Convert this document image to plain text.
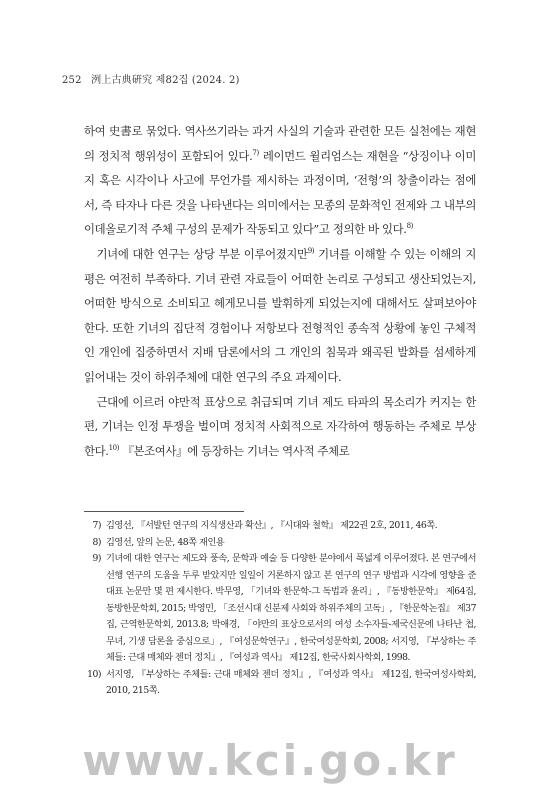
252 洌上古典硏究 제82집 (2024. 2)

하여 史書로 묶었다. 역사쓰기라는 과거 사실의 기술과 관련한 모든 실천에는 재현의 정치적 행위성이 포함되어 있다.$^{7)}$ 레이먼드 윌리엄스는 재현을 “상징이나 이미지 혹은 시각이나 사고에 무언가를 제시하는 과정이며, ‘전형’의 창출이라는 점에서, 즉 타자나 다른 것을 나타낸다는 의미에서는 모종의 문화적인 전제와 그 내부의 이데올로기적 주체 구성의 문제가 작동되고 있다”고 정의한 바 있다.$^{8)}$

기녀에 대한 연구는 상당 부분 이루어졌지만$^{9)}$ 기녀를 이해할 수 있는 이해의 지평은 여전히 부족하다. 기녀 관련 자료들이 어떠한 논리로 구성되고 생산되었는지, 어떠한 방식으로 소비되고 헤게모니를 발휘하게 되었는지에 대해서도 살펴보아야 한다. 또한 기녀의 집단적 경험이나 저항보다 전형적인 종속적 상황에 놓인 구체적인 개인에 집중하면서 지배 담론에서의 그 개인의 침묵과 왜곡된 발화를 섬세하게 읽어내는 것이 하위주체에 대한 연구의 주요 과제이다.

근대에 이르러 야만적 표상으로 취급되며 기녀 제도 타파의 목소리가 커지는 한편, 기녀는 인정 투쟁을 벌이며 정치적 사회적으로 자각하여 행동하는 주체로 부상한다.$^{10)}$ 『본조여사』에 등장하는 기녀는 역사적 주체로

7) 김영선, 『서발턴 연구의 지식생산과 확산』, 『시대와 철학』 제22권 2호, 2011, 46쪽.
8) 김영선, 앞의 논문, 48쪽 재인용
9) 기녀에 대한 연구는 제도와 풍속, 문학과 예술 등 다양한 분야에서 폭넓게 이루어졌다. 본 연구에서 선행 연구의 도움을 두루 받았지만 일일이 거론하지 않고 본 연구의 연구 방법과 시각에 영향을 준 대표 논문만 몇 편 제시한다. 박무영, 「기녀와 한문학-그 독법과 윤리」, 『동방한문학』 제64집, 동방한문학회, 2015; 박영민, 「조선시대 신분제 사회와 하위주체의 고독」, 『한문학논집』 제37집, 근역한문학회, 2013.8; 박애경, 「야만의 표상으로서의 여성 소수자들-제국신문에 나타난 첩, 무녀, 기생 담론을 중심으로」, 『여성문학연구』, 한국여성문학회, 2008; 서지영, 『부상하는 주체들: 근대 매체와 젠더 정치』, 『여성과 역사』 제12집, 한국사회사학회, 1998.
10) 서지영, 『부상하는 주체들: 근대 매체와 젠더 정치』, 『여성과 역사』 제12집, 한국여성사학회, 2010, 215쪽.
www.kci.go.kr
